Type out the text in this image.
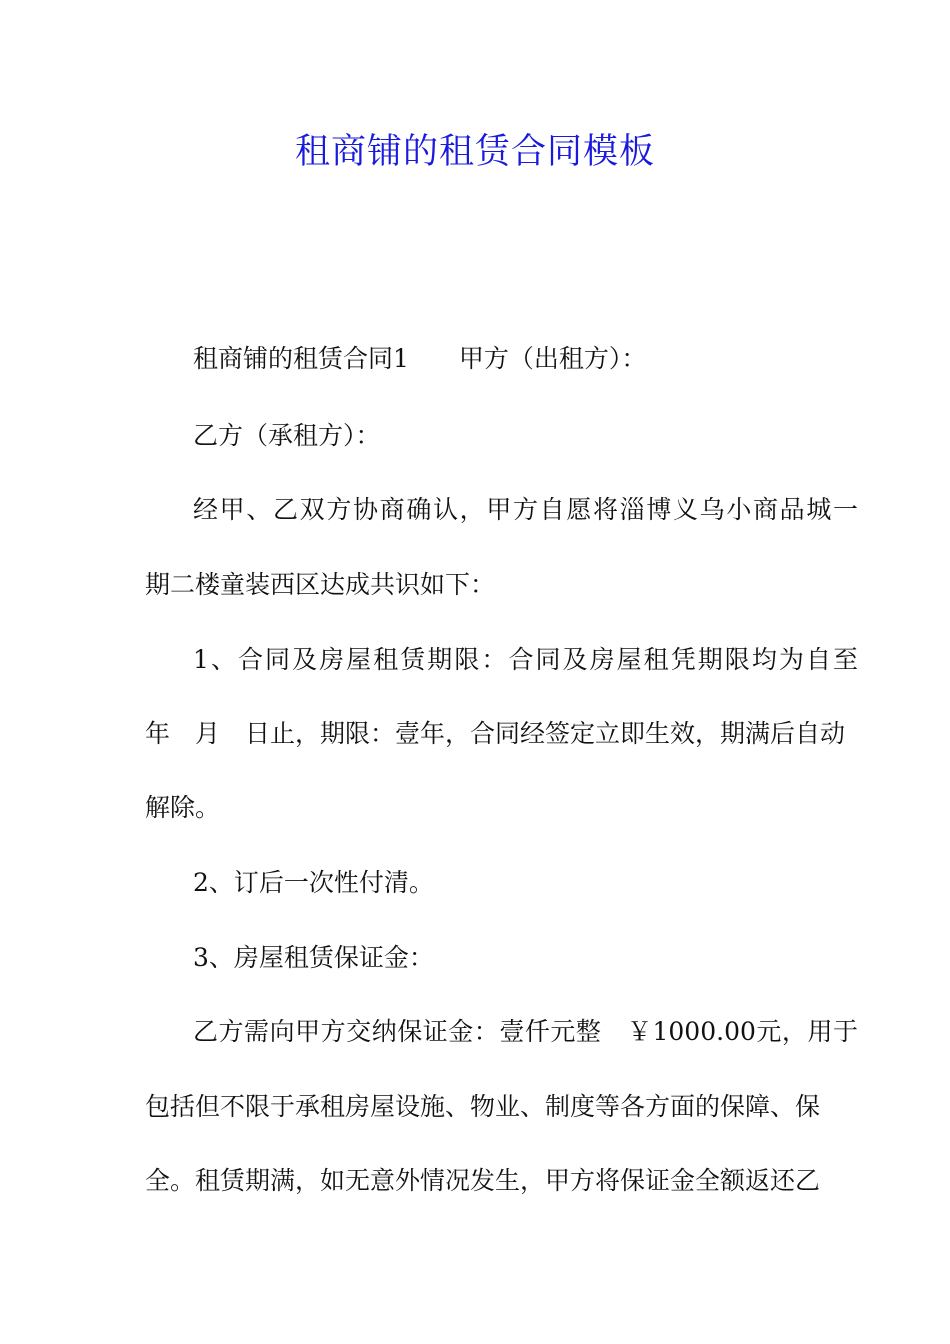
租商铺的租赁合同模板

租商铺的租赁合同1　　甲方（出租方）：

乙方（承租方）：

经甲、乙双方协商确认，甲方自愿将淄博义乌小商品城一

期二楼童装西区达成共识如下：

1、合同及房屋租赁期限：合同及房屋租凭期限均为自至

年　月　日止，期限：壹年，合同经签定立即生效，期满后自动

解除。

2、订后一次性付清。

3、房屋租赁保证金：

乙方需向甲方交纳保证金：壹仟元整　￥1000.00元，用于

包括但不限于承租房屋设施、物业、制度等各方面的保障、保

全。租赁期满，如无意外情况发生，甲方将保证金全额返还乙
